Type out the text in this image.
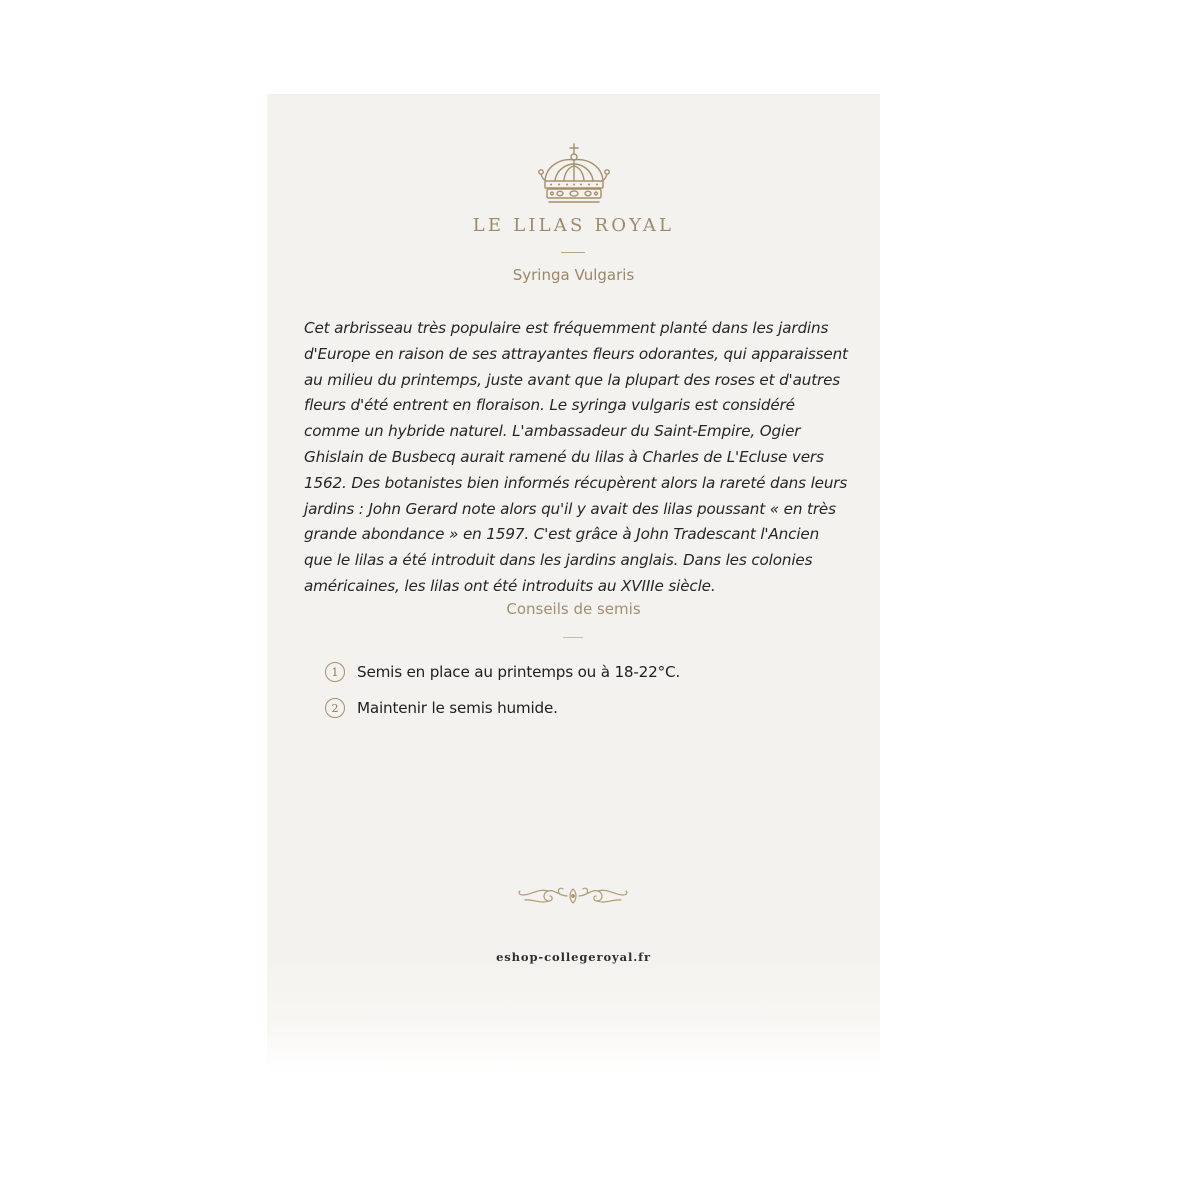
LE LILAS ROYAL
Syringa Vulgaris

Cet arbrisseau très populaire est fréquemment planté dans les jardins d'Europe en raison de ses attrayantes fleurs odorantes, qui apparaissent au milieu du printemps, juste avant que la plupart des roses et d'autres fleurs d'été entrent en floraison. Le syringa vulgaris est considéré comme un hybride naturel. L'ambassadeur du Saint-Empire, Ogier Ghislain de Busbecq aurait ramené du lilas à Charles de L'Ecluse vers 1562. Des botanistes bien informés récupèrent alors la rareté dans leurs jardins : John Gerard note alors qu'il y avait des lilas poussant « en très grande abondance » en 1597. C'est grâce à John Tradescant l'Ancien que le lilas a été introduit dans les jardins anglais. Dans les colonies américaines, les lilas ont été introduits au XVIIIe siècle.

Conseils de semis
1	Semis en place au printemps ou à 18-22°C.
2	Maintenir le semis humide.
eshop-collegeroyal.fr
